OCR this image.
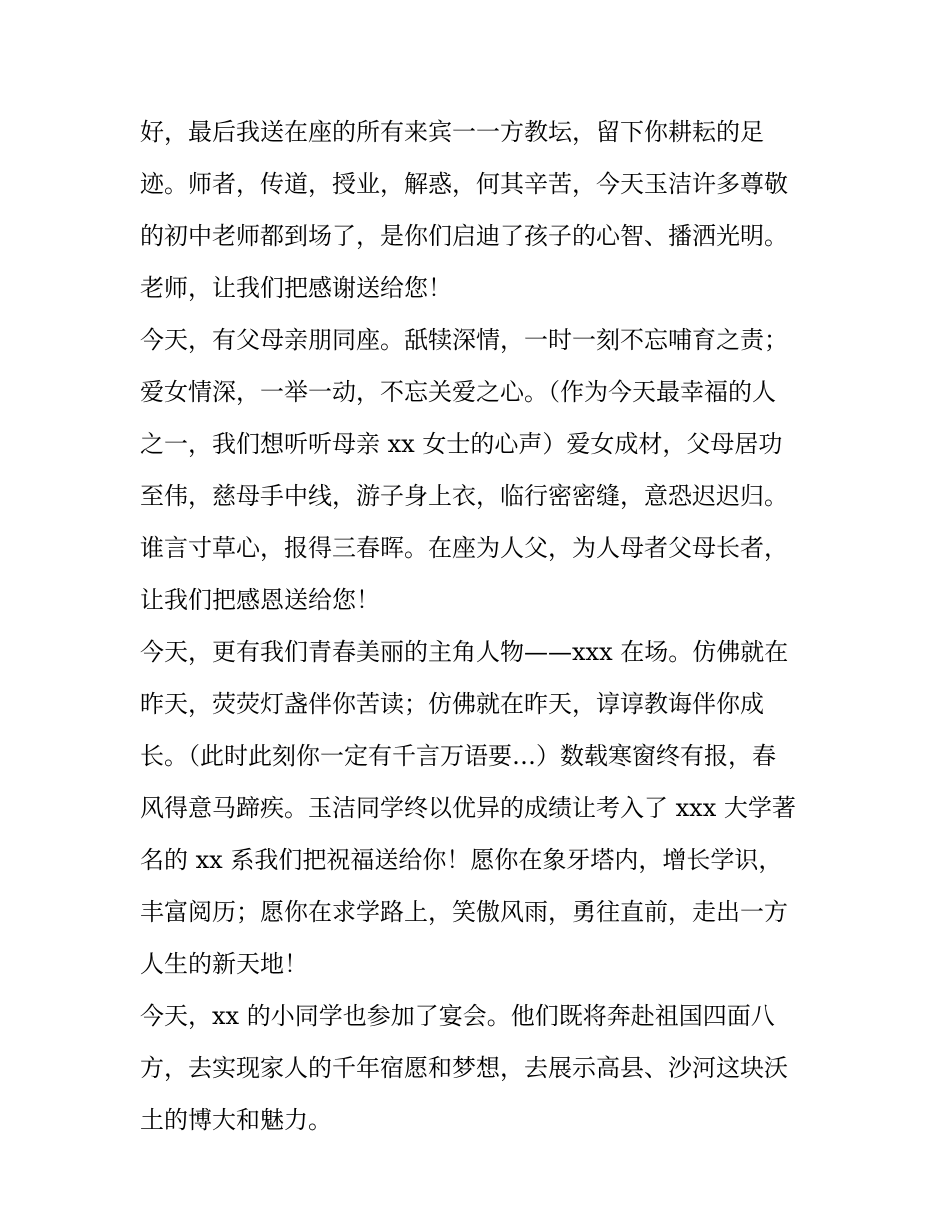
好，最后我送在座的所有来宾一一方教坛，留下你耕耘的足
迹。师者，传道，授业，解惑，何其辛苦，今天玉洁许多尊敬
的初中老师都到场了，是你们启迪了孩子的心智、播洒光明。
老师，让我们把感谢送给您！
今天，有父母亲朋同座。舐犊深情，一时一刻不忘哺育之责；
爱女情深，一举一动，不忘关爱之心。（作为今天最幸福的人
之一，我们想听听母亲 xx 女士的心声）爱女成材，父母居功
至伟，慈母手中线，游子身上衣，临行密密缝，意恐迟迟归。
谁言寸草心，报得三春晖。在座为人父，为人母者父母长者，
让我们把感恩送给您！
今天，更有我们青春美丽的主角人物——xxx 在场。仿佛就在
昨天，荧荧灯盏伴你苦读；仿佛就在昨天，谆谆教诲伴你成
长。（此时此刻你一定有千言万语要…）数载寒窗终有报，春
风得意马蹄疾。玉洁同学终以优异的成绩让考入了 xxx 大学著
名的 xx 系我们把祝福送给你！愿你在象牙塔内，增长学识，
丰富阅历；愿你在求学路上，笑傲风雨，勇往直前，走出一方
人生的新天地！
今天，xx 的小同学也参加了宴会。他们既将奔赴祖国四面八
方，去实现家人的千年宿愿和梦想，去展示高县、沙河这块沃
土的博大和魅力。
